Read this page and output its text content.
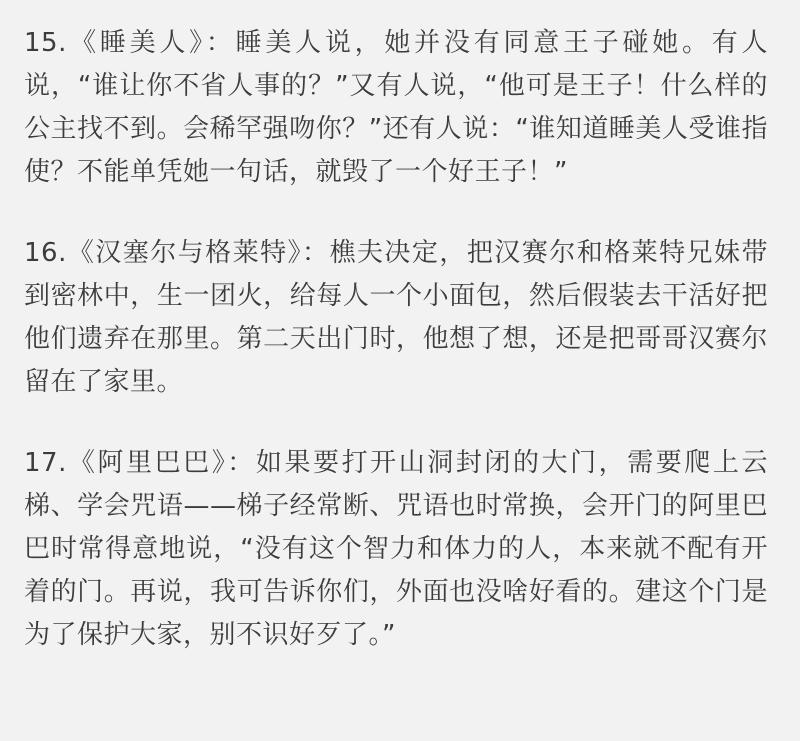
15.《睡美人》：睡美人说，她并没有同意王子碰她。有人说，“谁让你不省人事的？”又有人说，“他可是王子！什么样的公主找不到。会稀罕强吻你？”还有人说：“谁知道睡美人受谁指使？不能单凭她一句话，就毁了一个好王子！”

16.《汉塞尔与格莱特》：樵夫决定，把汉赛尔和格莱特兄妹带到密林中，生一团火，给每人一个小面包，然后假装去干活好把他们遗弃在那里。第二天出门时，他想了想，还是把哥哥汉赛尔留在了家里。

17.《阿里巴巴》：如果要打开山洞封闭的大门，需要爬上云梯、学会咒语——梯子经常断、咒语也时常换，会开门的阿里巴巴时常得意地说，“没有这个智力和体力的人，本来就不配有开着的门。再说，我可告诉你们，外面也没啥好看的。建这个门是为了保护大家，别不识好歹了。”
